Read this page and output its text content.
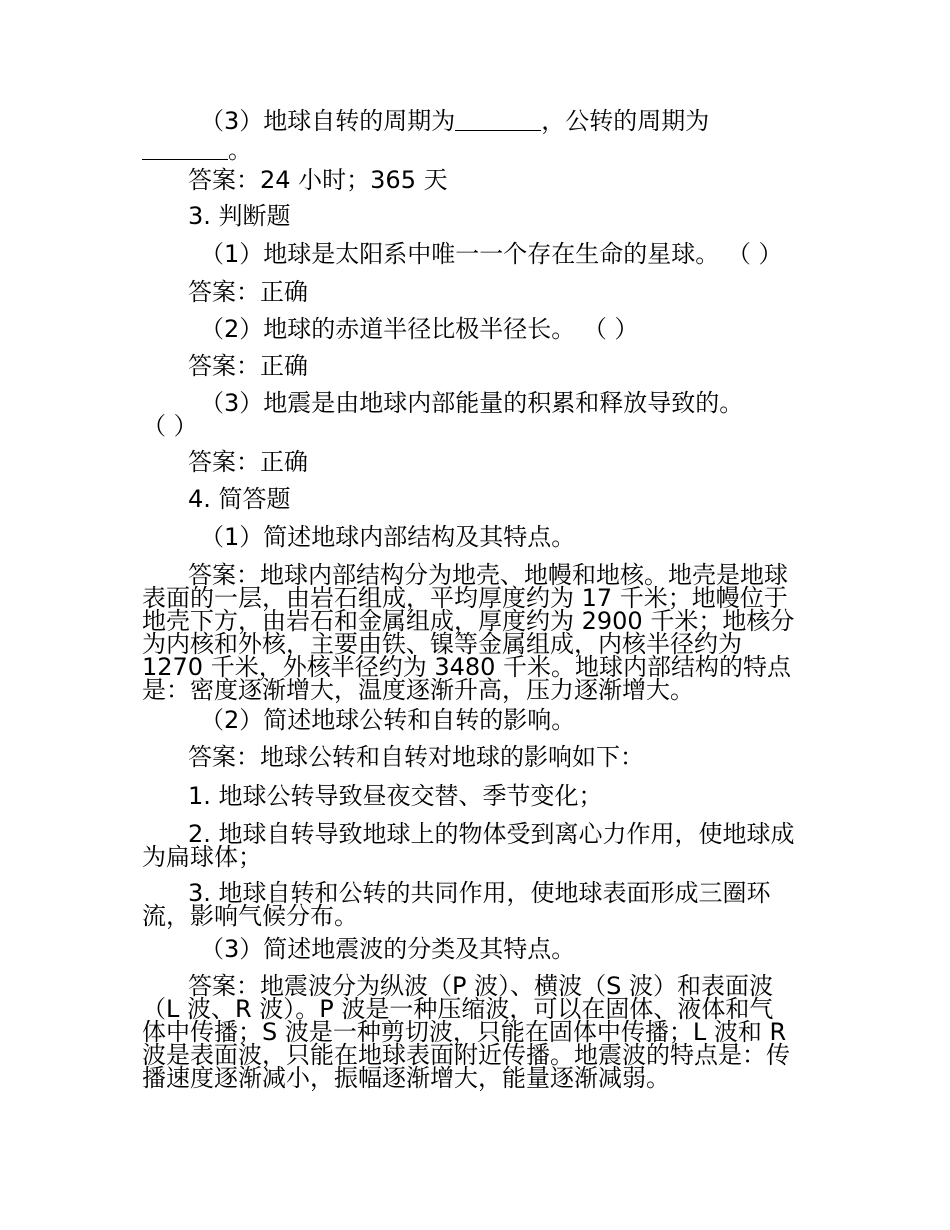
（3）地球自转的周期为	，公转的周期为
。
答案：24 小时；365 天
3. 判断题
（1）地球是太阳系中唯一一个存在生命的星球。 （ ）
答案：正确
（2）地球的赤道半径比极半径长。 （ ）
答案：正确
（3）地震是由地球内部能量的积累和释放导致的。
（ ）
答案：正确
4. 简答题
（1）简述地球内部结构及其特点。
答案：地球内部结构分为地壳、地幔和地核。地壳是地球
表面的一层，由岩石组成，平均厚度约为 17 千米；地幔位于
地壳下方，由岩石和金属组成，厚度约为 2900 千米；地核分
为内核和外核，主要由铁、镍等金属组成，内核半径约为
1270 千米，外核半径约为 3480 千米。地球内部结构的特点
是：密度逐渐增大，温度逐渐升高，压力逐渐增大。
（2）简述地球公转和自转的影响。
答案：地球公转和自转对地球的影响如下：
1. 地球公转导致昼夜交替、季节变化；
2. 地球自转导致地球上的物体受到离心力作用，使地球成
为扁球体；
3. 地球自转和公转的共同作用，使地球表面形成三圈环
流，影响气候分布。
（3）简述地震波的分类及其特点。
答案：地震波分为纵波（P 波）、横波（S 波）和表面波
（L 波、R 波）。P 波是一种压缩波，可以在固体、液体和气
体中传播；S 波是一种剪切波，只能在固体中传播；L 波和 R
波是表面波，只能在地球表面附近传播。地震波的特点是：传
播速度逐渐减小，振幅逐渐增大，能量逐渐减弱。
